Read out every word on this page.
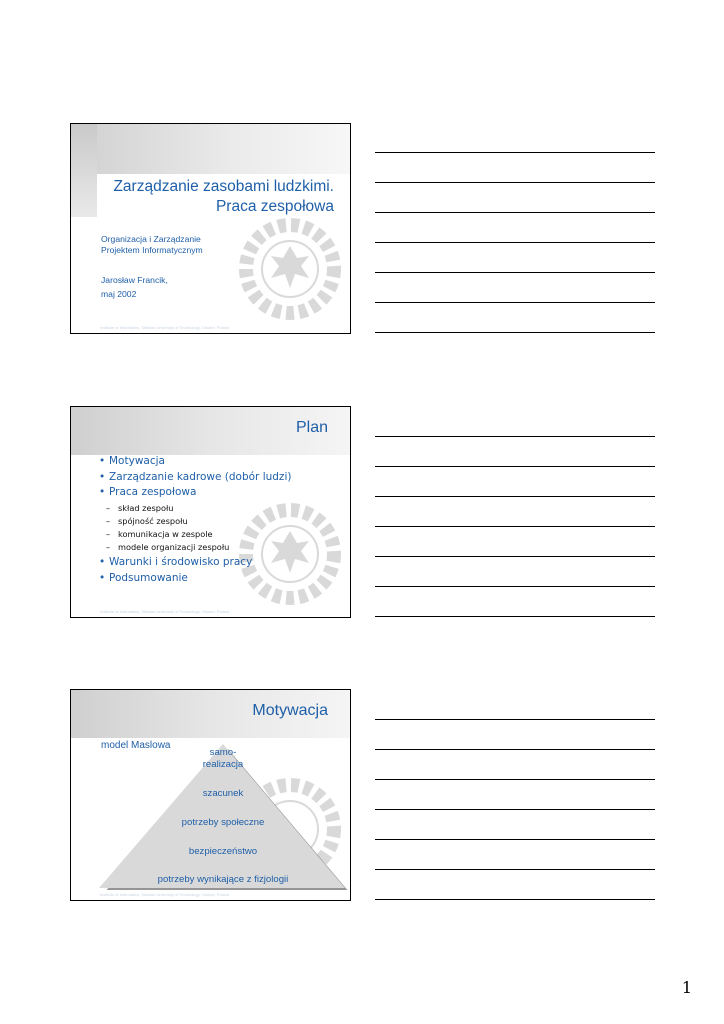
Zarządzanie zasobami ludzkimi.
Praca zespołowa
Organizacja i Zarządzanie
Projektem Informatycznym
Jarosław Francik,
maj 2002
Institute of Informatics, Silesian University of Technology, Gliwice, Poland
Plan
• Motywacja
• Zarządzanie kadrowe (dobór ludzi)
• Praca zespołowa
– skład zespołu
– spójność zespołu
– komunikacja w zespole
– modele organizacji zespołu
• Warunki i środowisko pracy
• Podsumowanie
Institute of Informatics, Silesian University of Technology, Gliwice, Poland
Motywacja
model Maslowa
samo-
realizacja
szacunek
potrzeby społeczne
bezpieczeństwo
potrzeby wynikające z fizjologii
Institute of Informatics, Silesian University of Technology, Gliwice, Poland
1
